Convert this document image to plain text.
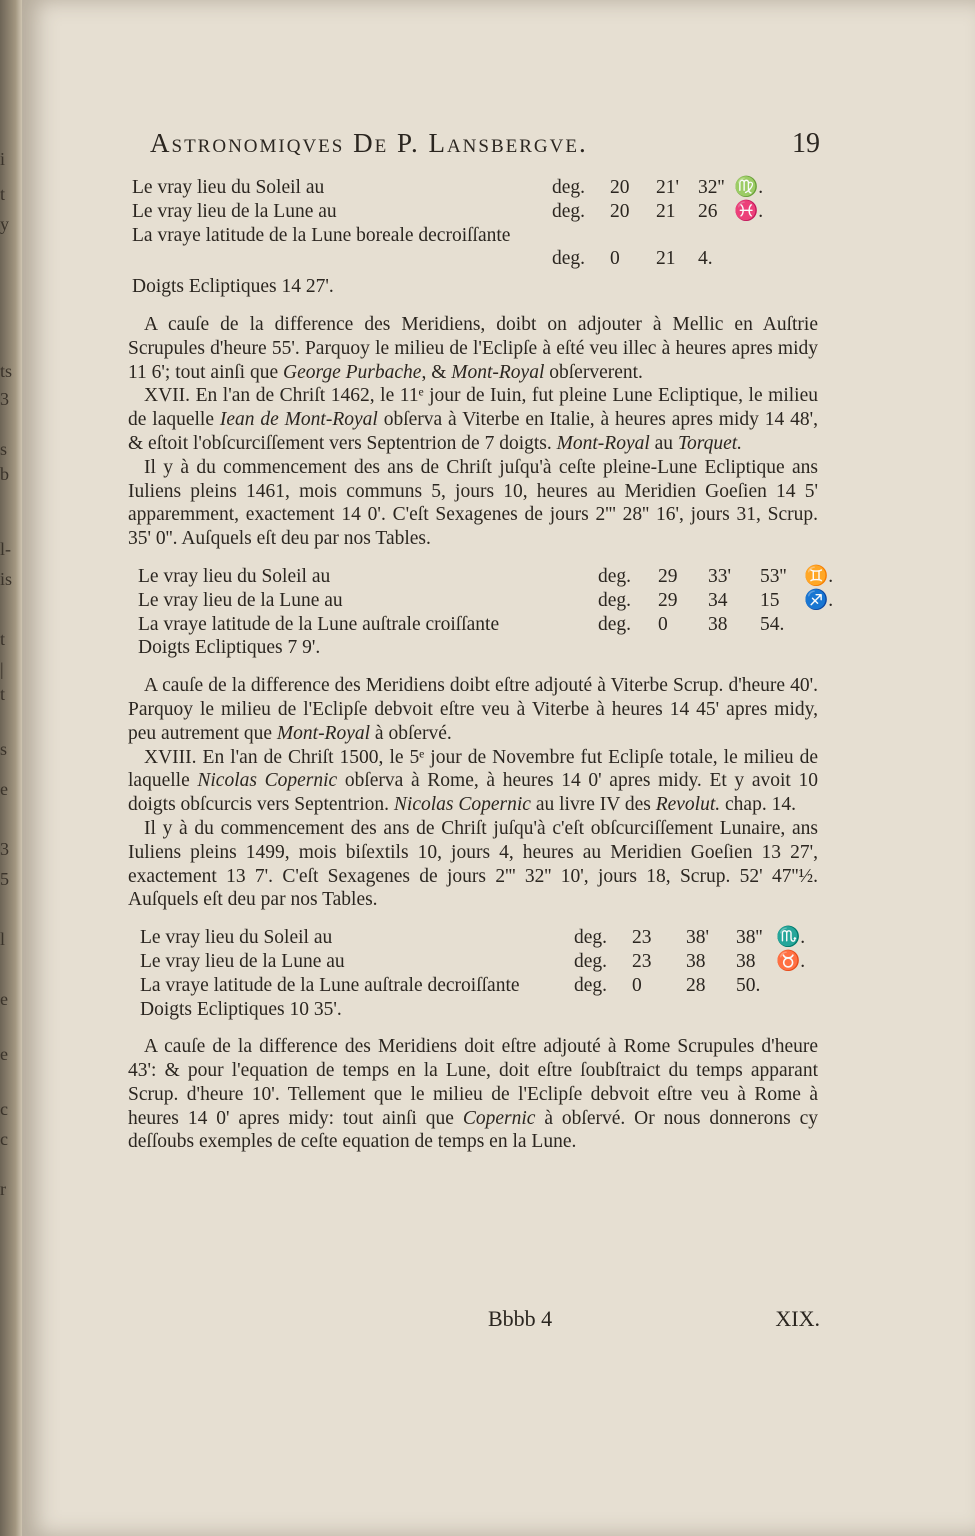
i
t
y
ts
3
s
b
l-
is
t
|
t
s
e
3
5
l
e
e
c
c
r
Astronomiqves De P. Lansbergve.	19
Le vray lieu du Soleil au	deg.	20	21' 32'' ♍.
Le vray lieu de la Lune au	deg.	20	21	26 ♓.
La vraye latitude de la Lune boreale decroiſſante
deg.	0	21	4.
Doigts Ecliptiques 14 27'.

A cauſe de la difference des Meridiens, doibt on adjouter à Mellic en Auſtrie Scrupules d'heure 55'. Parquoy le milieu de l'Eclipſe à eſté veu illec à heures apres midy 11 6'; tout ainſi que George Purbache, & Mont-Royal obſerverent.

XVII. En l'an de Chriſt 1462, le 11ᵉ jour de Iuin, fut pleine Lune Ecliptique, le milieu de laquelle Iean de Mont-Royal obſerva à Viterbe en Italie, à heures apres midy 14 48', & eſtoit l'obſcurciſſement vers Septentrion de 7 doigts. Mont-Royal au Torquet.

Il y à du commencement des ans de Chriſt juſqu'à ceſte pleine-Lune Ecliptique ans Iuliens pleins 1461, mois communs 5, jours 10, heures au Meridien Goeſien 14 5' apparemment, exactement 14 0'. C'eſt Sexagenes de jours 2''' 28'' 16', jours 31, Scrup. 35' 0''. Auſquels eſt deu par nos Tables.

Le vray lieu du Soleil au	deg.	29	33'	53'' ♊.
Le vray lieu de la Lune au	deg.	29	34	15	♐.
La vraye latitude de la Lune auſtrale croiſſante	deg.	0	38	54.
Doigts Ecliptiques 7 9'.

A cauſe de la difference des Meridiens doibt eſtre adjouté à Viterbe Scrup. d'heure 40'. Parquoy le milieu de l'Eclipſe debvoit eſtre veu à Viterbe à heures 14 45' apres midy, peu autrement que Mont-Royal à obſervé.

XVIII. En l'an de Chriſt 1500, le 5ᵉ jour de Novembre fut Eclipſe totale, le milieu de laquelle Nicolas Copernic obſerva à Rome, à heures 14 0' apres midy. Et y avoit 10 doigts obſcurcis vers Septentrion. Nicolas Copernic au livre IV des Revolut. chap. 14.

Il y à du commencement des ans de Chriſt juſqu'à c'eſt obſcurciſſement Lunaire, ans Iuliens pleins 1499, mois biſextils 10, jours 4, heures au Meridien Goeſien 13 27', exactement 13 7'. C'eſt Sexagenes de jours 2''' 32'' 10', jours 18, Scrup. 52' 47''½. Auſquels eſt deu par nos Tables.

Le vray lieu du Soleil au	deg.	23	38'	38'' ♏.
Le vray lieu de la Lune au	deg.	23	38	38	♉.
La vraye latitude de la Lune auſtrale decroiſſante	deg.	0	28	50.
Doigts Ecliptiques 10 35'.

A cauſe de la difference des Meridiens doit eſtre adjouté à Rome Scrupules d'heure 43': & pour l'equation de temps en la Lune, doit eſtre ſoubſtraict du temps apparant Scrup. d'heure 10'. Tellement que le milieu de l'Eclipſe debvoit eſtre veu à Rome à heures 14 0' apres midy: tout ainſi que Copernic à obſervé. Or nous donnerons cy deſſoubs exemples de ceſte equation de temps en la Lune.

Bbbb 4	XIX.
